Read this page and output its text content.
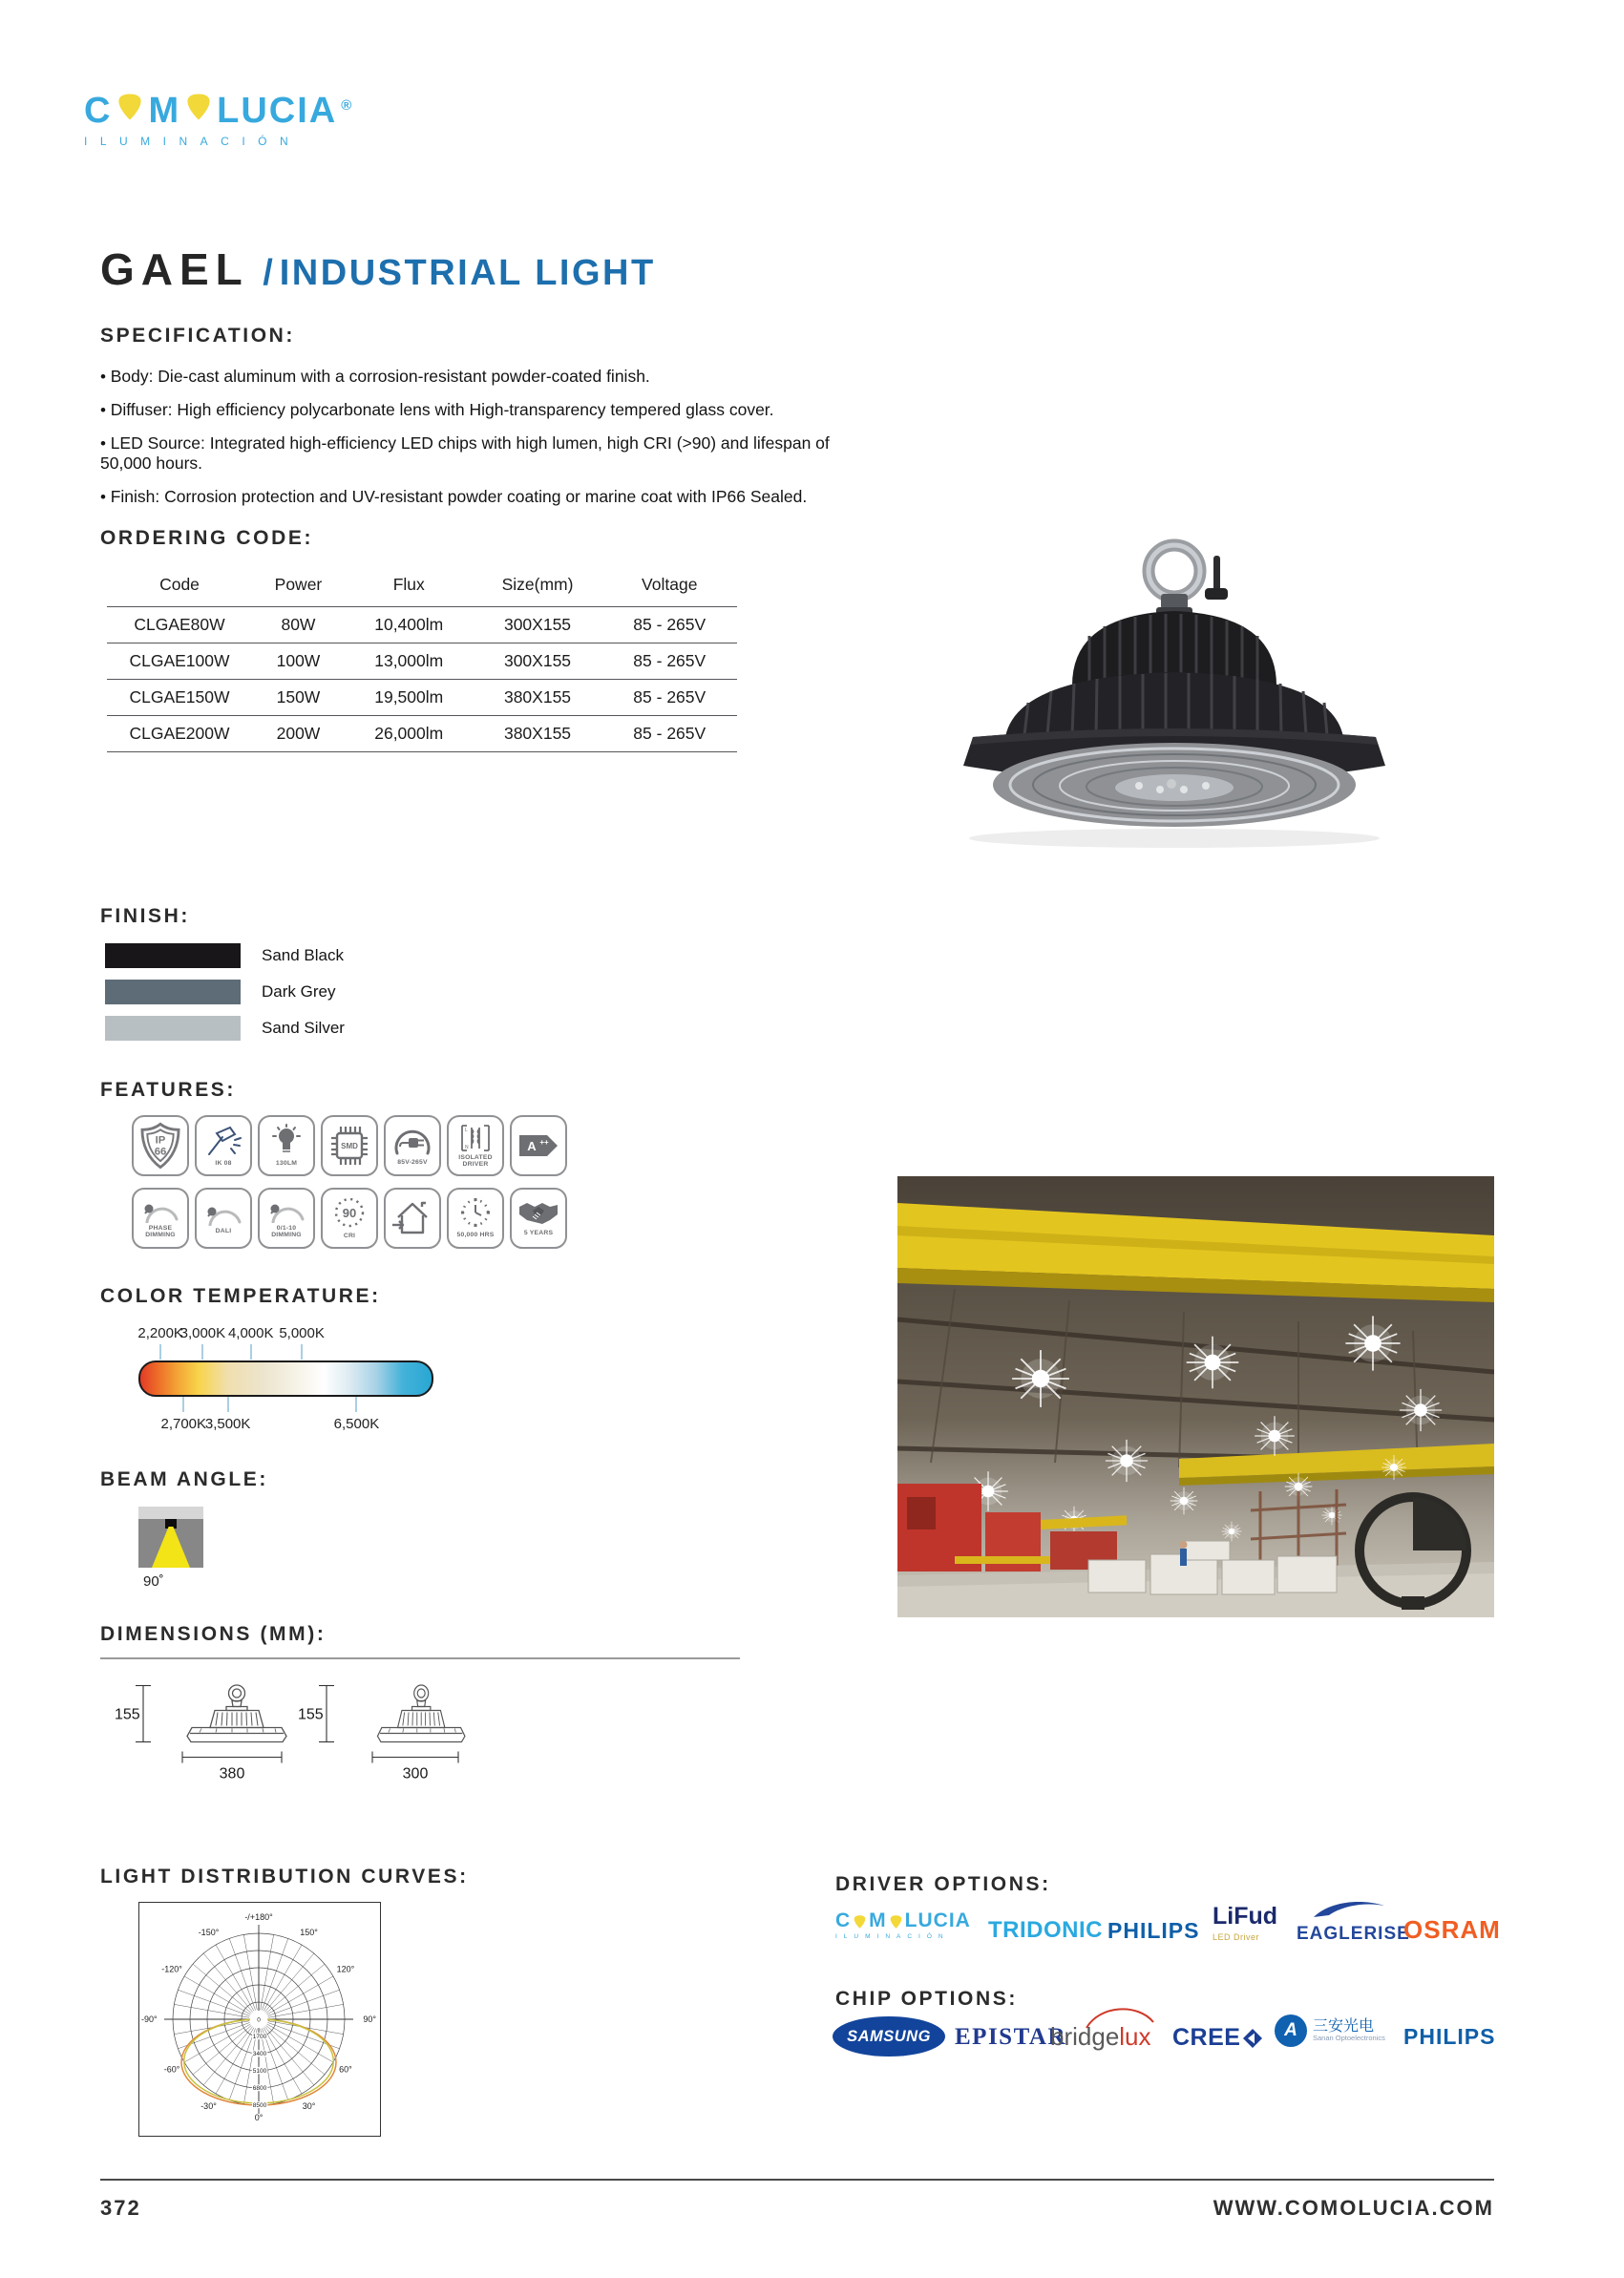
C M LUCIA ®
ILUMINACIÓN
GAEL / INDUSTRIAL LIGHT
SPECIFICATION:
• Body: Die-cast aluminum with a corrosion-resistant powder-coated finish.
• Diffuser: High efficiency polycarbonate lens with High-transparency tempered glass cover.
• LED Source: Integrated high-efficiency LED chips with high lumen, high CRI (>90) and lifespan of 50,000 hours.
• Finish: Corrosion protection and UV-resistant powder coating or marine coat with IP66 Sealed.
ORDERING CODE:
Code	Power	Flux	Size(mm)	Voltage
CLGAE80W	80W	10,400lm	300X155	85 - 265V
CLGAE100W	100W	13,000lm	300X155	85 - 265V
CLGAE150W	150W	19,500lm	380X155	85 - 265V
CLGAE200W	200W	26,000lm	380X155	85 - 265V
FINISH:
Sand Black
Dark Grey
Sand Silver
FEATURES:
IP
66
IK 08	130LM
SMD
85V-265V
L
N
ISOLATED DRIVER
A ++
PHASE DIMMING
DALI
0/1-10 DIMMING
90
CRI	50,000 HRS	5 YEARS
COLOR TEMPERATURE:
2,200K
3,000K 4,000K 5,000K
2,700K
3,500K	6,500K
BEAM ANGLE:
90˚
DIMENSIONS (MM):
155
380
155
300
LIGHT DISTRIBUTION CURVES:
1700
3400
5100
6800
8500
0
-/+180°
150°
120°
90°
60°
30°
0°
-30°
-60°
-90°
-120°
-150°
DRIVER OPTIONS:
C M LUCIA
ILUMINACIÓN	TRIDONIC PHILIPS
LiFud
LED Driver	EAGLERISE
OSRAM
CHIP OPTIONS:
SAMSUNG EPISTAR
bridgelux CREE	A	三安光电
Sanan Optoelectronics PHILIPS
372	WWW.COMOLUCIA.COM
